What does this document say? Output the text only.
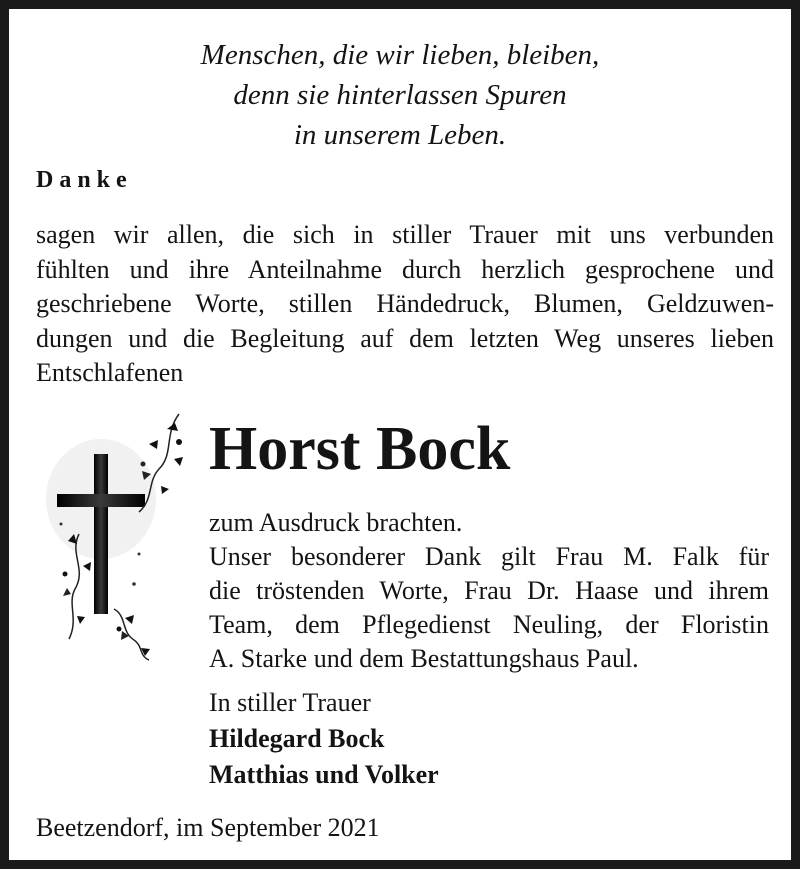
Menschen, die wir lieben, bleiben,
denn sie hinterlassen Spuren
in unserem Leben.
Danke
sagen wir allen, die sich in stiller Trauer mit uns verbunden
fühlten und ihre Anteilnahme durch herzlich gesprochene und
geschriebene Worte, stillen Händedruck, Blumen, Geldzuwen-
dungen und die Begleitung auf dem letzten Weg unseres lieben
Entschlafenen
Horst Bock
zum Ausdruck brachten.
Unser besonderer Dank gilt Frau M. Falk für
die tröstenden Worte, Frau Dr. Haase und ihrem
Team, dem Pflegedienst Neuling, der Floristin
A. Starke und dem Bestattungshaus Paul.
In stiller Trauer
Hildegard Bock
Matthias und Volker
Beetzendorf, im September 2021
